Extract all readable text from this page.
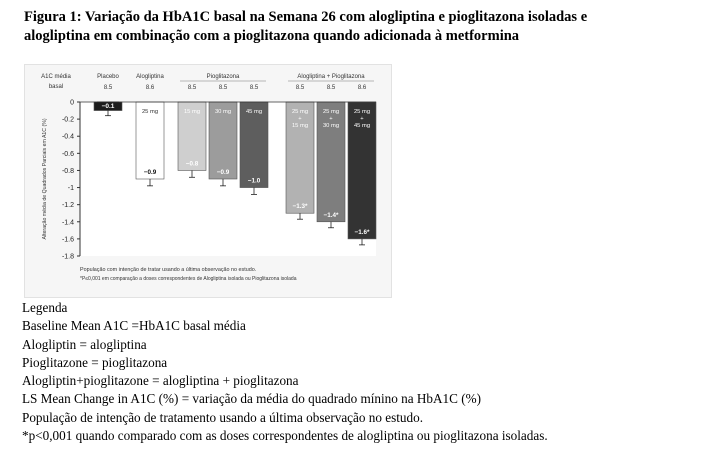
Figura 1: Variação da HbA1C basal na Semana 26 com alogliptina e pioglitazona isoladas e
alogliptina em combinação com a pioglitazona quando adicionada à metformina
0
-0.2
-0.4
-0.6
-0.8
-1
-1.2
-1.4
-1.6
-1.8
Alteração média de Quadrados Parciais em A1C (%)
A1C média
basal
Placebo	Alogliptina	Pioglitazona	Alogliptina + Pioglitazona
8.5
−0.1
8.6
25 mg
−0.9
8.5
15 mg
−0.8
8.5
30 mg
−0.9
8.5
45 mg
−1.0
8.5
25 mg
+
15 mg
−1.3*
8.5
25 mg
+
30 mg
−1.4*
8.6
25 mg
+
45 mg
−1.6*
População com intenção de tratar usando a última observação no estudo.
*P≤0,001 em comparação a doses correspondentes de Alogliptina isolada ou Pioglitazona isolada
Legenda
Baseline Mean A1C =HbA1C basal média
Alogliptin = alogliptina
Pioglitazone = pioglitazona
Alogliptin+pioglitazone = alogliptina + pioglitazona
LS Mean Change in A1C (%) = variação da média do quadrado mínino na HbA1C (%)
População de intenção de tratamento usando a última observação no estudo.
*p<0,001 quando comparado com as doses correspondentes de alogliptina ou pioglitazona isoladas.
